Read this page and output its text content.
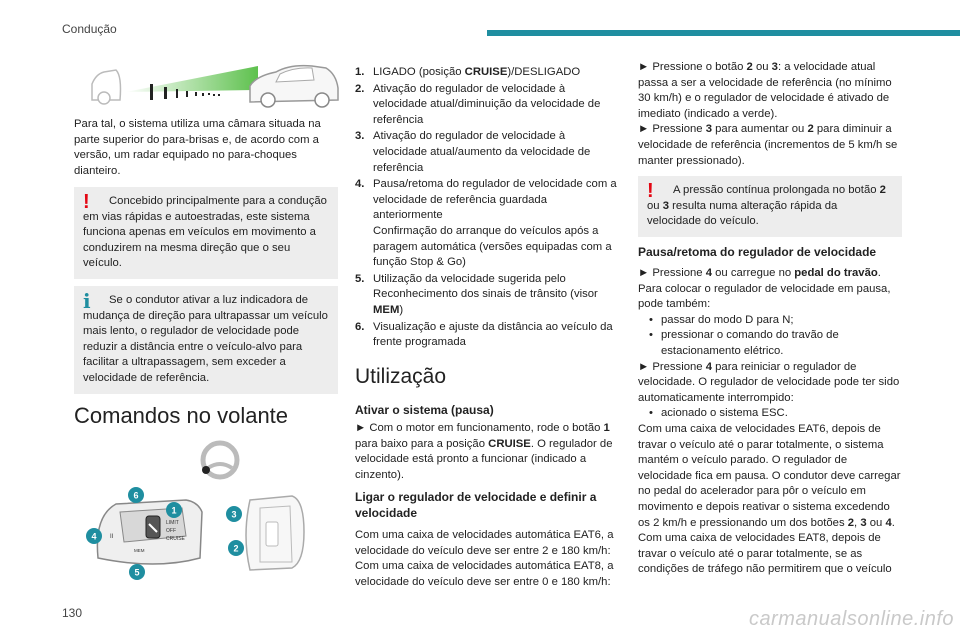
Condução

Para tal, o sistema utiliza uma câmara situada na parte superior do para-brisas e, de acordo com a versão, um radar equipado no para-choques dianteiro.

!	Concebido principalmente para a condução em vias rápidas e autoestradas, este sistema funciona apenas em veículos em movimento a conduzirem na mesma direção que o seu veículo.

i	Se o condutor ativar a luz indicadora de mudança de direção para ultrapassar um veículo mais lento, o regulador de velocidade pode reduzir a distância entre o veículo-alvo para facilitar a ultrapassagem, sem exceder a velocidade de referência.

Comandos no volante
LIMIT
OFF
CRUISE
MEM
II
6
1
4
5
3
2
1. LIGADO (posição CRUISE)/DESLIGADO
2. Ativação do regulador de velocidade à velocidade atual/diminuição da velocidade de referência
3. Ativação do regulador de velocidade à velocidade atual/aumento da velocidade de referência
4. Pausa/retoma do regulador de velocidade com a velocidade de referência guardada anteriormente
Confirmação do arranque do veículos após a paragem automática (versões equipadas com a função Stop & Go)
5. Utilização da velocidade sugerida pelo Reconhecimento dos sinais de trânsito (visor
MEM)
6. Visualização e ajuste da distância ao veículo da frente programada
Utilização
Ativar o sistema (pausa)

► Com o motor em funcionamento, rode o botão 1 para baixo para a posição CRUISE. O regulador de velocidade está pronto a funcionar (indicado a cinzento).

Ligar o regulador de velocidade e definir a velocidade

Com uma caixa de velocidades automática EAT6, a velocidade do veículo deve ser entre 2 e 180 km/h: Com uma caixa de velocidades automática EAT8, a velocidade do veículo deve ser entre 0 e 180 km/h:

► Pressione o botão 2 ou 3: a velocidade atual passa a ser a velocidade de referência (no mínimo 30 km/h) e o regulador de velocidade é ativado de imediato (indicado a verde).
► Pressione 3 para aumentar ou 2 para diminuir a velocidade de referência (incrementos de 5 km/h se manter pressionado).

!	A pressão contínua prolongada no botão 2 ou 3 resulta numa alteração rápida da velocidade do veículo.

Pausa/retoma do regulador de velocidade
► Pressione 4 ou carregue no pedal do travão.
Para colocar o regulador de velocidade em pausa, pode também:
• passar do modo D para N;
• pressionar o comando do travão de estacionamento elétrico.
► Pressione 4 para reiniciar o regulador de velocidade. O regulador de velocidade pode ter sido automaticamente interrompido:
• acionado o sistema ESC.
Com uma caixa de velocidades EAT6, depois de travar o veículo até o parar totalmente, o sistema mantém o veículo parado. O regulador de velocidade fica em pausa. O condutor deve carregar no pedal do acelerador para pôr o veículo em movimento e depois reativar o sistema excedendo os 2 km/h e pressionando um dos botões 2, 3 ou 4.
Com uma caixa de velocidades EAT8, depois de travar o veículo até o parar totalmente, se as condições de tráfego não permitirem que o veículo
130	carmanualsonline.info
